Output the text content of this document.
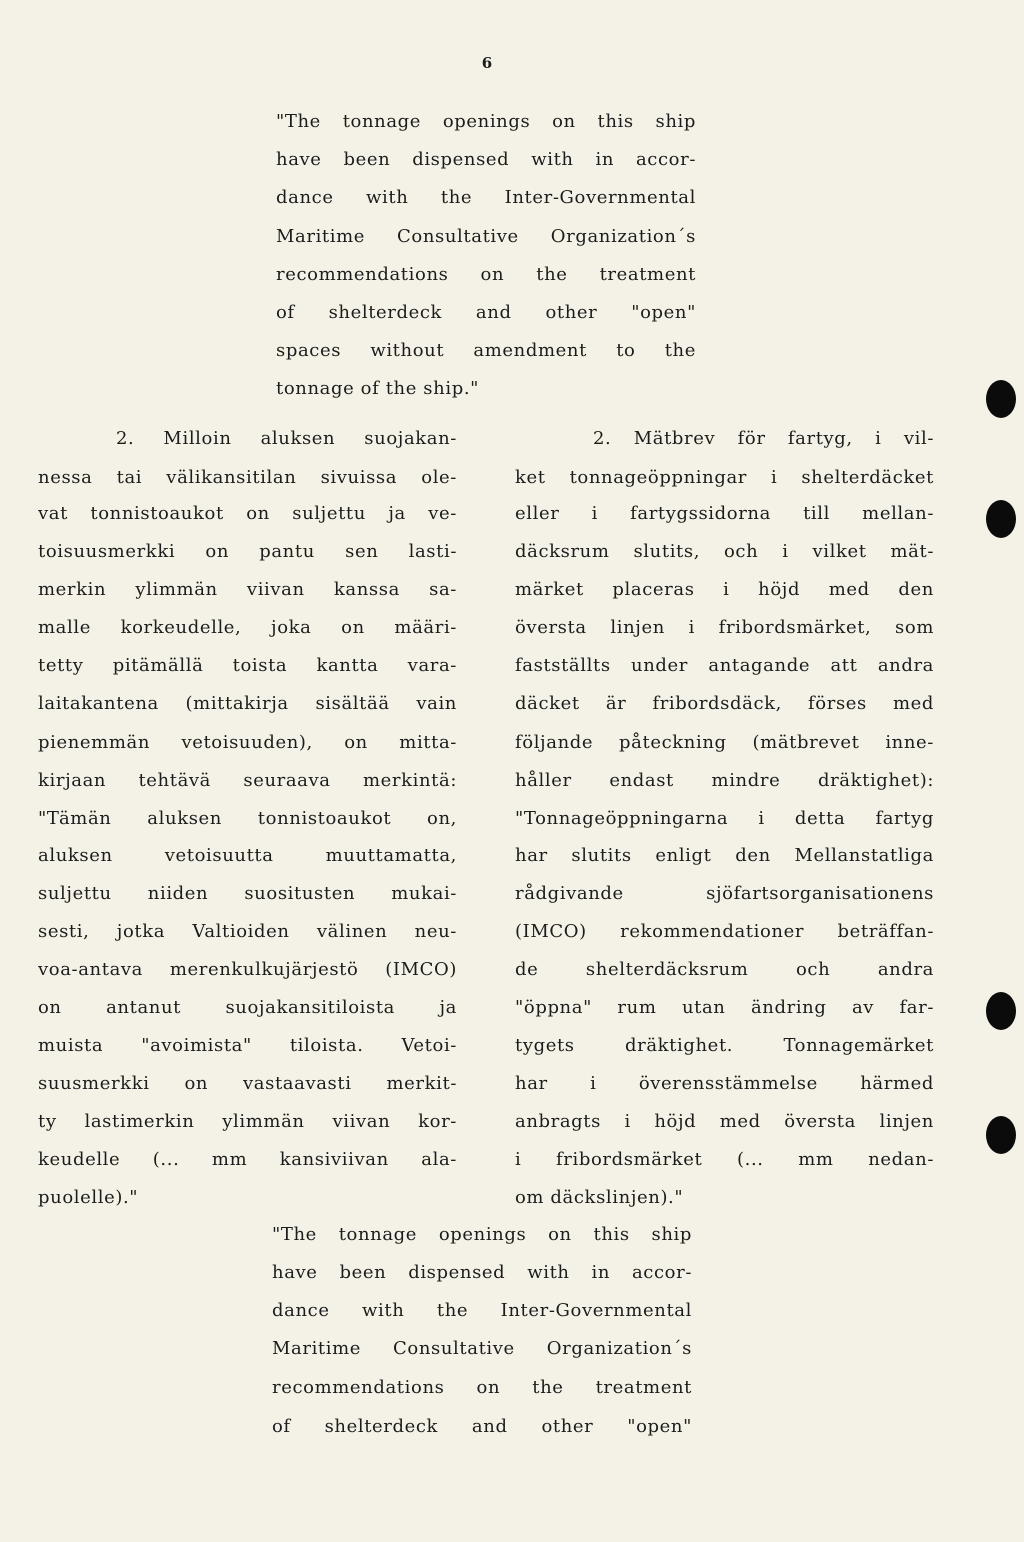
6
"The tonnage openings on this ship
have been dispensed with in accor-
dance with the Inter-Governmental
Maritime Consultative Organization´s
recommendations on the treatment
of shelterdeck and other "open"
spaces without amendment to the
tonnage of the ship."
2. Milloin aluksen suojakan-
nessa tai välikansitilan sivuissa ole-
vat tonnistoaukot on suljettu ja ve-
toisuusmerkki on pantu sen lasti-
merkin ylimmän viivan kanssa sa-
malle korkeudelle, joka on määri-
tetty pitämällä toista kantta vara-
laitakantena (mittakirja sisältää vain
pienemmän vetoisuuden), on mitta-
kirjaan tehtävä seuraava merkintä:
"Tämän aluksen tonnistoaukot on,
aluksen vetoisuutta muuttamatta,
suljettu niiden suositusten mukai-
sesti, jotka Valtioiden välinen neu-
voa-antava merenkulkujärjestö (IMCO)
on antanut suojakansitiloista ja
muista "avoimista" tiloista. Vetoi-
suusmerkki on vastaavasti merkit-
ty lastimerkin ylimmän viivan kor-
keudelle (... mm kansiviivan ala-
puolelle)."
2. Mätbrev för fartyg, i vil-
ket tonnageöppningar i shelterdäcket
eller i fartygssidorna till mellan-
däcksrum slutits, och i vilket mät-
märket placeras i höjd med den
översta linjen i fribordsmärket, som
fastställts under antagande att andra
däcket är fribordsdäck, förses med
följande påteckning (mätbrevet inne-
håller endast mindre dräktighet):
"Tonnageöppningarna i detta fartyg
har slutits enligt den Mellanstatliga
rådgivande sjöfartsorganisationens
(IMCO) rekommendationer beträffan-
de shelterdäcksrum och andra
"öppna" rum utan ändring av far-
tygets dräktighet. Tonnagemärket
har i överensstämmelse härmed
anbragts i höjd med översta linjen
i fribordsmärket (... mm nedan-
om däckslinjen)."
"The tonnage openings on this ship
have been dispensed with in accor-
dance with the Inter-Governmental
Maritime Consultative Organization´s
recommendations on the treatment
of shelterdeck and other "open"
